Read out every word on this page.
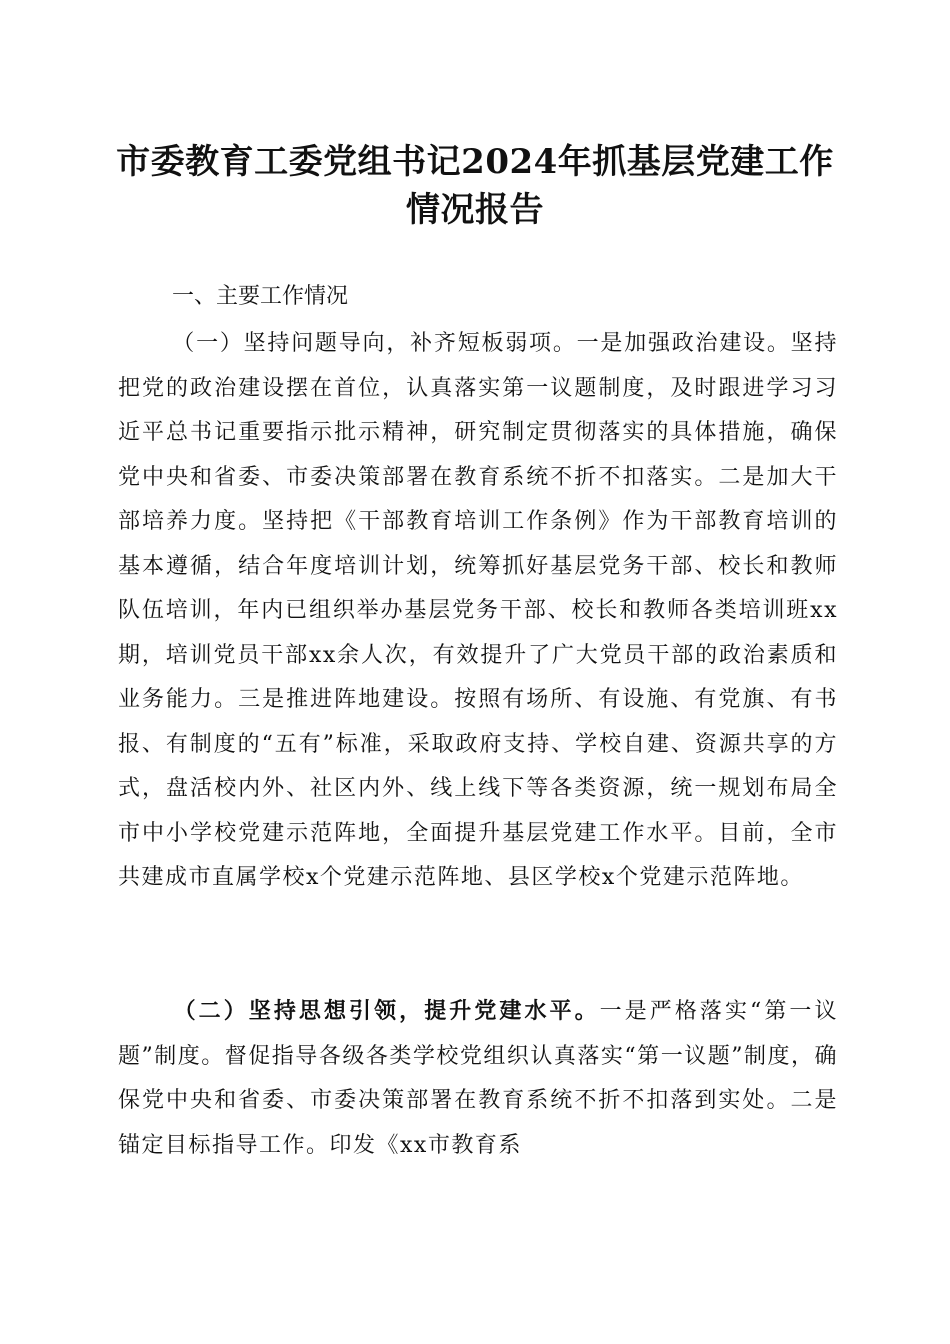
市委教育工委党组书记2024年抓基层党建工作情况报告
一、主要工作情况
（一）坚持问题导向，补齐短板弱项。一是加强政治建设。坚持把党的政治建设摆在首位，认真落实第一议题制度，及时跟进学习习近平总书记重要指示批示精神，研究制定贯彻落实的具体措施，确保党中央和省委、市委决策部署在教育系统不折不扣落实。二是加大干部培养力度。坚持把《干部教育培训工作条例》作为干部教育培训的基本遵循，结合年度培训计划，统筹抓好基层党务干部、校长和教师队伍培训，年内已组织举办基层党务干部、校长和教师各类培训班xx期，培训党员干部xx余人次，有效提升了广大党员干部的政治素质和业务能力。三是推进阵地建设。按照有场所、有设施、有党旗、有书报、有制度的“五有”标准，采取政府支持、学校自建、资源共享的方式，盘活校内外、社区内外、线上线下等各类资源，统一规划布局全市中小学校党建示范阵地，全面提升基层党建工作水平。目前，全市共建成市直属学校x个党建示范阵地、县区学校x个党建示范阵地。
（二）坚持思想引领，提升党建水平。一是严格落实“第一议题”制度。督促指导各级各类学校党组织认真落实“第一议题”制度，确保党中央和省委、市委决策部署在教育系统不折不扣落到实处。二是锚定目标指导工作。印发《xx市教育系
